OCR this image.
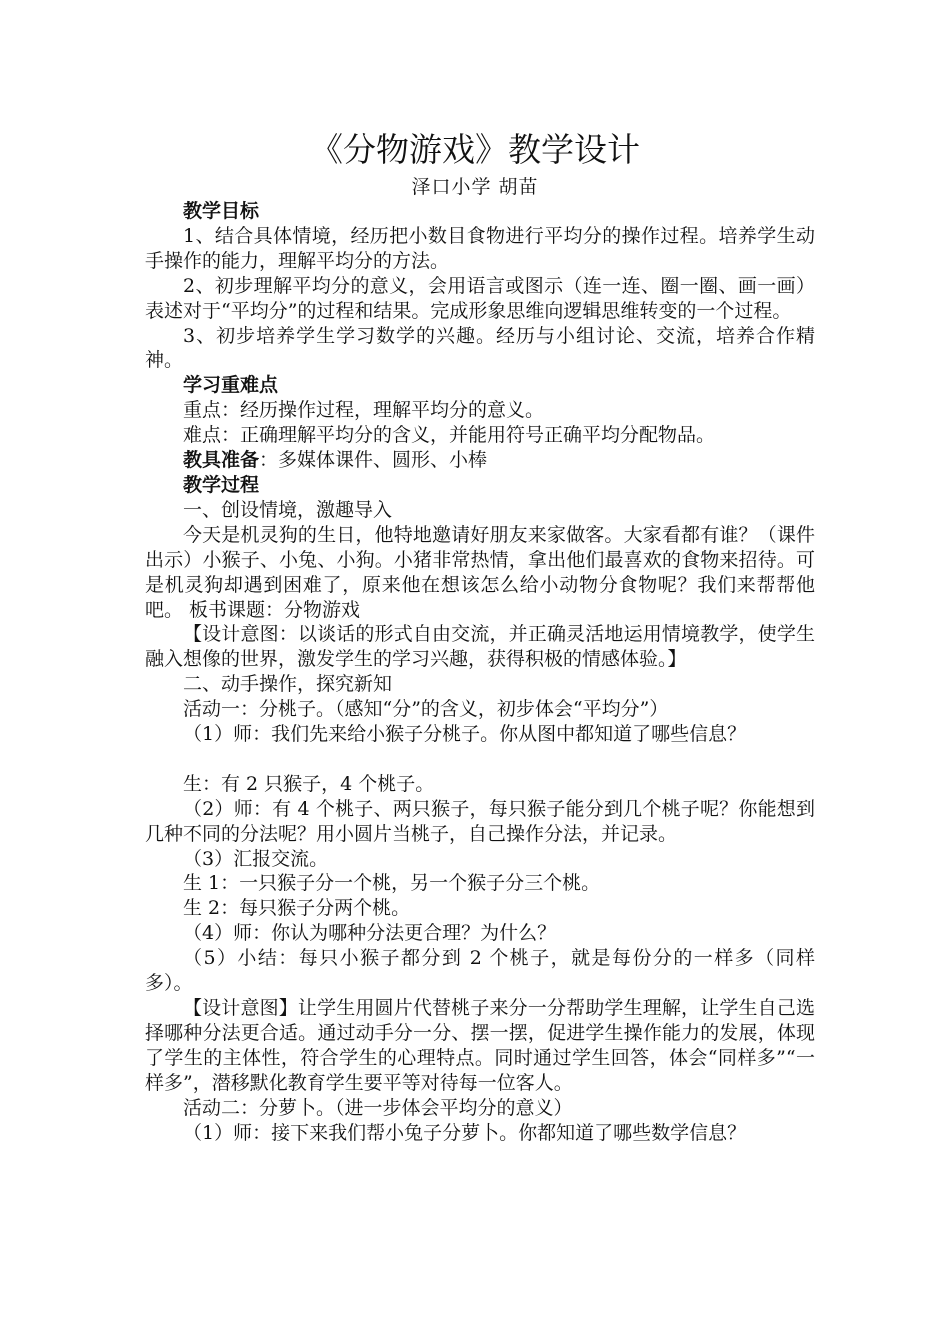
《分物游戏》教学设计
泽口小学 胡苗

教学目标

1、结合具体情境，经历把小数目食物进行平均分的操作过程。培养学生动手操作的能力，理解平均分的方法。

2、初步理解平均分的意义，会用语言或图示（连一连、圈一圈、画一画）表述对于“平均分”的过程和结果。完成形象思维向逻辑思维转变的一个过程。

3、初步培养学生学习数学的兴趣。经历与小组讨论、交流，培养合作精神。

学习重难点

重点：经历操作过程，理解平均分的意义。

难点：正确理解平均分的含义，并能用符号正确平均分配物品。

教具准备：多媒体课件、圆形、小棒

教学过程

一、创设情境，激趣导入

今天是机灵狗的生日，他特地邀请好朋友来家做客。大家看都有谁？（课件出示）小猴子、小兔、小狗。小猪非常热情，拿出他们最喜欢的食物来招待。可是机灵狗却遇到困难了，原来他在想该怎么给小动物分食物呢？我们来帮帮他吧。 板书课题：分物游戏

【设计意图：以谈话的形式自由交流，并正确灵活地运用情境教学，使学生融入想像的世界，激发学生的学习兴趣，获得积极的情感体验。】

二、动手操作，探究新知

活动一：分桃子。（感知“分”的含义，初步体会“平均分”）

（1）师：我们先来给小猴子分桃子。你从图中都知道了哪些信息？

生：有 2 只猴子，4 个桃子。

（2）师：有 4 个桃子、两只猴子，每只猴子能分到几个桃子呢？你能想到几种不同的分法呢？用小圆片当桃子，自己操作分法，并记录。

（3）汇报交流。

生 1：一只猴子分一个桃，另一个猴子分三个桃。

生 2：每只猴子分两个桃。

（4）师：你认为哪种分法更合理？为什么？

（5）小结：每只小猴子都分到 2 个桃子，就是每份分的一样多（同样多）。

【设计意图】让学生用圆片代替桃子来分一分帮助学生理解，让学生自己选择哪种分法更合适。通过动手分一分、摆一摆，促进学生操作能力的发展，体现了学生的主体性，符合学生的心理特点。同时通过学生回答，体会“同样多”“一样多”，潜移默化教育学生要平等对待每一位客人。

活动二：分萝卜。（进一步体会平均分的意义）

（1）师：接下来我们帮小兔子分萝卜。你都知道了哪些数学信息？
